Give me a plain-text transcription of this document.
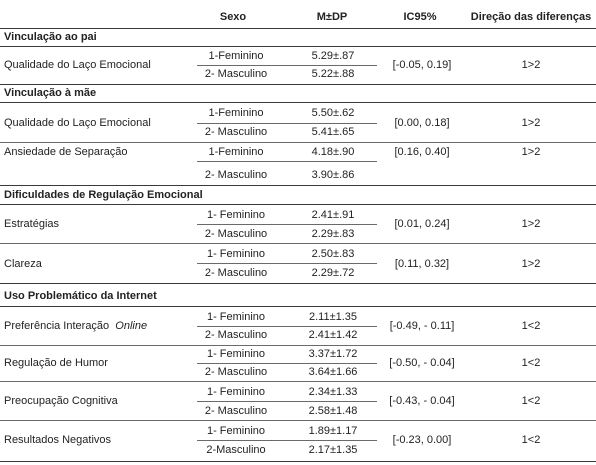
Sexo	M±DP	IC95%	Direção das diferenças
Vinculação ao pai
Qualidade do Laço Emocional
1-Feminino	5.29±.87
2- Masculino	5.22±.88
[-0.05, 0.19]	1>2
Vinculação à mãe
Qualidade do Laço Emocional
1-Feminino	5.50±.62
2- Masculino	5.41±.65
[0.00, 0.18]	1>2
Ansiedade de Separação	1-Feminino	4.18±.90	[0.16, 0.40]	1>2
2- Masculino	3.90±.86
Dificuldades de Regulação Emocional
Estratégias
1- Feminino	2.41±.91
2- Masculino	2.29±.83
[0.01, 0.24]	1>2
Clareza
1- Feminino	2.50±.83
2- Masculino	2.29±.72
[0.11, 0.32]	1>2
Uso Problemático da Internet
Preferência Interação Online
1- Feminino	2.11±1.35
2- Masculino	2.41±1.42
[-0.49, - 0.11]	1<2
Regulação de Humor
1- Feminino	3.37±1.72
2- Masculino	3.64±1.66
[-0.50, - 0.04]	1<2
Preocupação Cognitiva
1- Feminino	2.34±1.33
2- Masculino	2.58±1.48
[-0.43, - 0.04]	1<2
Resultados Negativos
1- Feminino	1.89±1.17
2-Masculino	2.17±1.35
[-0.23, 0.00]	1<2
